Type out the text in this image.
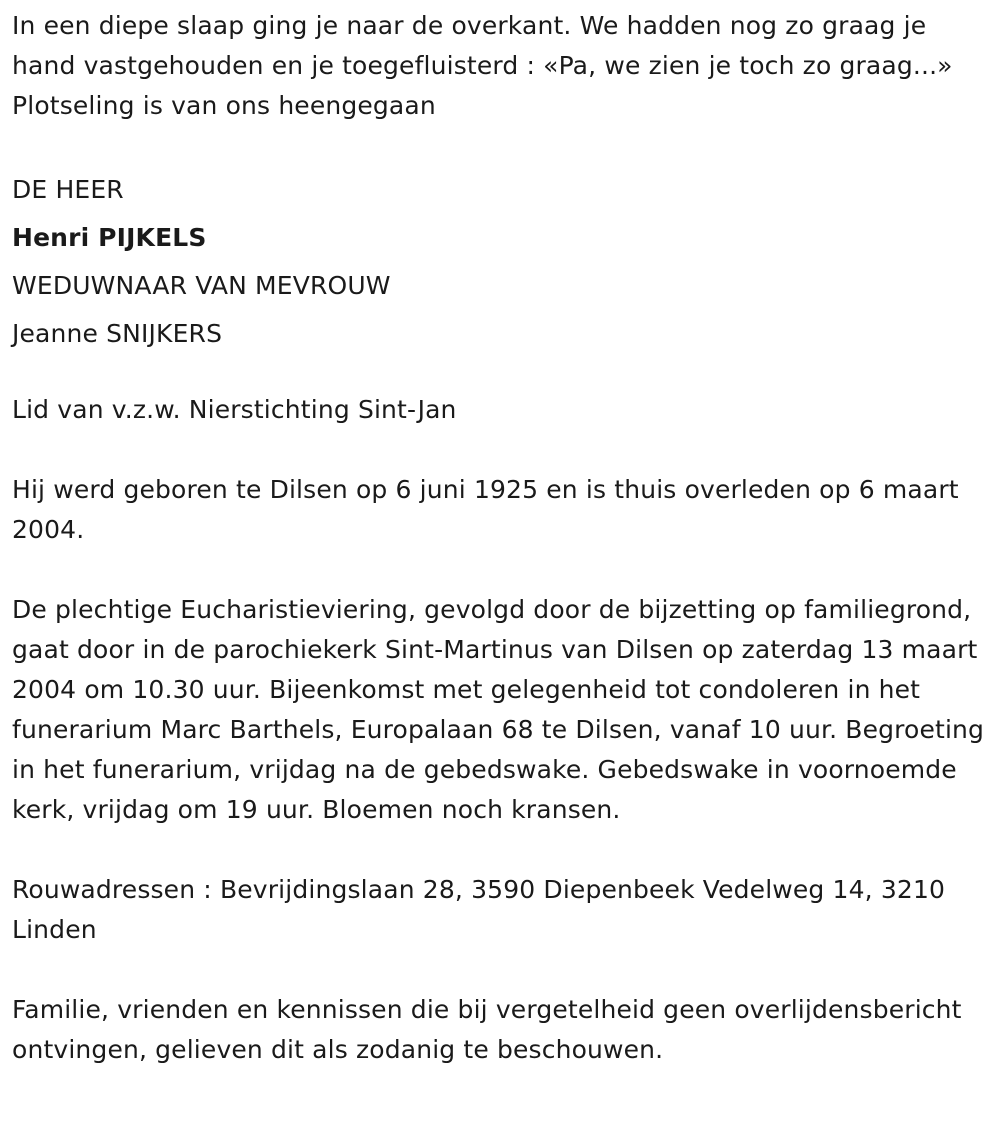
In een diepe slaap ging je naar de overkant. We hadden nog zo graag je hand vastgehouden en je toegefluisterd : «Pa, we zien je toch zo graag...» Plotseling is van ons heengegaan

DE HEER

Henri PIJKELS

WEDUWNAAR VAN MEVROUW

Jeanne SNIJKERS

Lid van v.z.w. Nierstichting Sint-Jan

Hij werd geboren te Dilsen op 6 juni 1925 en is thuis overleden op 6 maart 2004.

De plechtige Eucharistieviering, gevolgd door de bijzetting op familiegrond, gaat door in de parochiekerk Sint-Martinus van Dilsen op zaterdag 13 maart 2004 om 10.30 uur. Bijeenkomst met gelegenheid tot condoleren in het funerarium Marc Barthels, Europalaan 68 te Dilsen, vanaf 10 uur. Begroeting in het funerarium, vrijdag na de gebedswake. Gebedswake in voornoemde kerk, vrijdag om 19 uur. Bloemen noch kransen.

Rouwadressen : Bevrijdingslaan 28, 3590 Diepenbeek Vedelweg 14, 3210 Linden

Familie, vrienden en kennissen die bij vergetelheid geen overlijdensbericht ontvingen, gelieven dit als zodanig te beschouwen.
